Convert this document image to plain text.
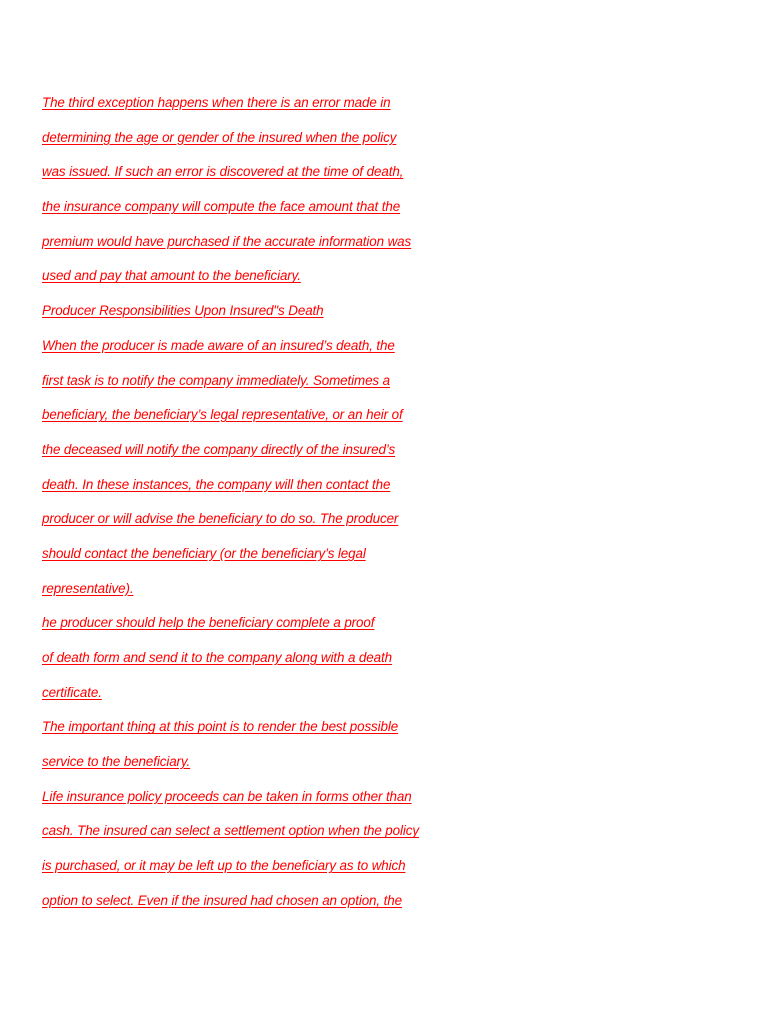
The third exception happens when there is an error made in
determining the age or gender of the insured when the policy
was issued. If such an error is discovered at the time of death,
the insurance company will compute the face amount that the
premium would have purchased if the accurate information was
used and pay that amount to the beneficiary.
Producer Responsibilities Upon Insured"s Death
When the producer is made aware of an insured’s death, the
first task is to notify the company immediately. Sometimes a
beneficiary, the beneficiary’s legal representative, or an heir of
the deceased will notify the company directly of the insured’s
death. In these instances, the company will then contact the
producer or will advise the beneficiary to do so. The producer
should contact the beneficiary (or the beneficiary’s legal
representative).
he producer should help the beneficiary complete a proof
of death form and send it to the company along with a death
certificate.
The important thing at this point is to render the best possible
service to the beneficiary.
Life insurance policy proceeds can be taken in forms other than
cash. The insured can select a settlement option when the policy
is purchased, or it may be left up to the beneficiary as to which
option to select. Even if the insured had chosen an option, the
